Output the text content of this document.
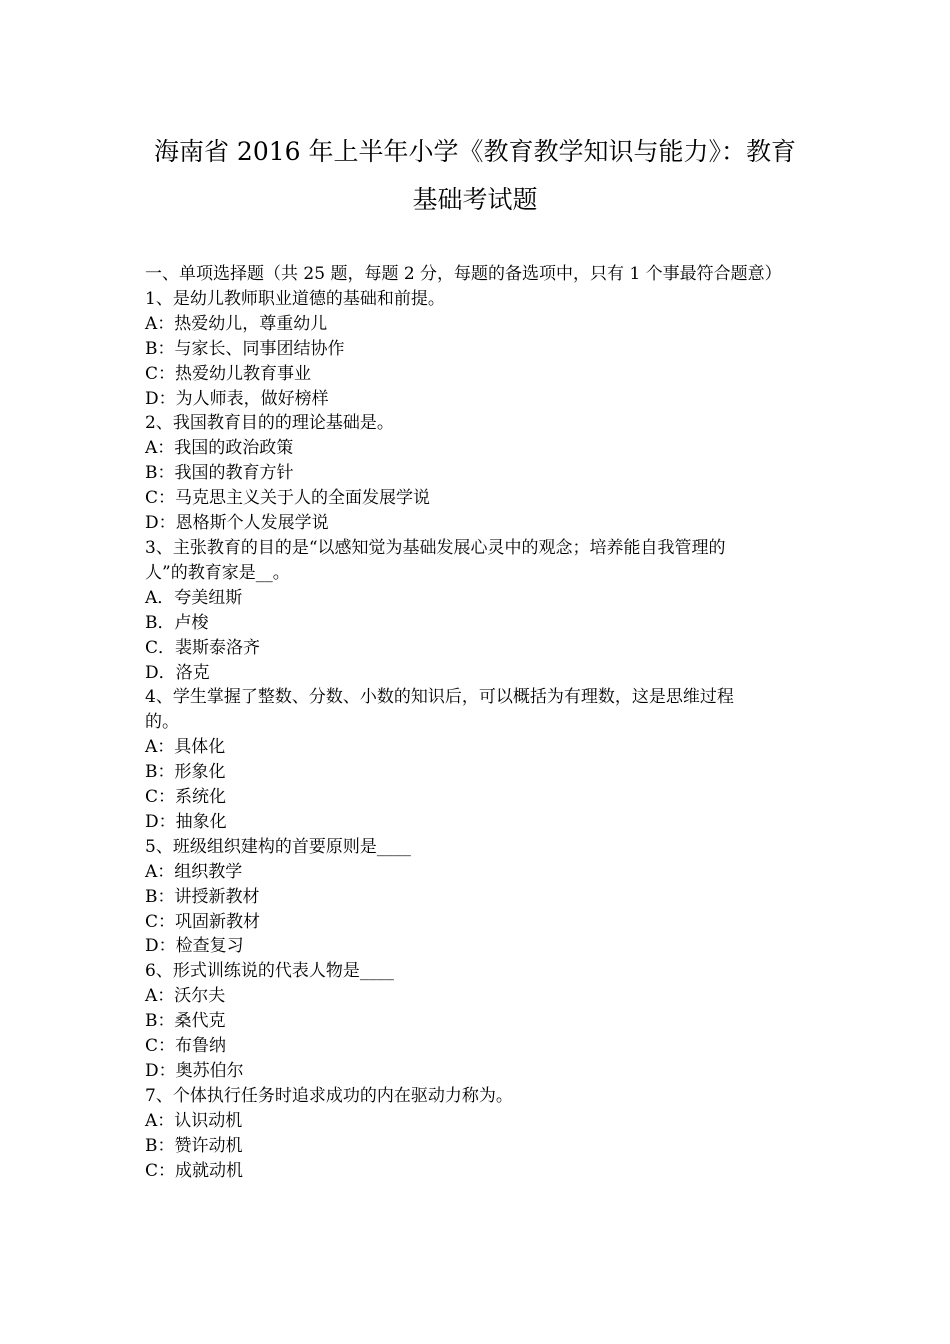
海南省 2016 年上半年小学《教育教学知识与能力》：教育
基础考试题

一、单项选择题（共 25 题，每题 2 分，每题的备选项中，只有 1 个事最符合题意）

1、是幼儿教师职业道德的基础和前提。

A：热爱幼儿，尊重幼儿

B：与家长、同事团结协作

C：热爱幼儿教育事业

D：为人师表，做好榜样

2、我国教育目的的理论基础是。

A：我国的政治政策

B：我国的教育方针

C：马克思主义关于人的全面发展学说

D：恩格斯个人发展学说

3、主张教育的目的是“以感知觉为基础发展心灵中的观念；培养能自我管理的

人”的教育家是__。

A．夸美纽斯

B．卢梭

C．裴斯泰洛齐

D．洛克

4、学生掌握了整数、分数、小数的知识后，可以概括为有理数，这是思维过程

的。

A：具体化

B：形象化

C：系统化

D：抽象化

5、班级组织建构的首要原则是____

A：组织教学

B：讲授新教材

C：巩固新教材

D：检查复习

6、形式训练说的代表人物是____

A：沃尔夫

B：桑代克

C：布鲁纳

D：奥苏伯尔

7、个体执行任务时追求成功的内在驱动力称为。

A：认识动机

B：赞许动机

C：成就动机
